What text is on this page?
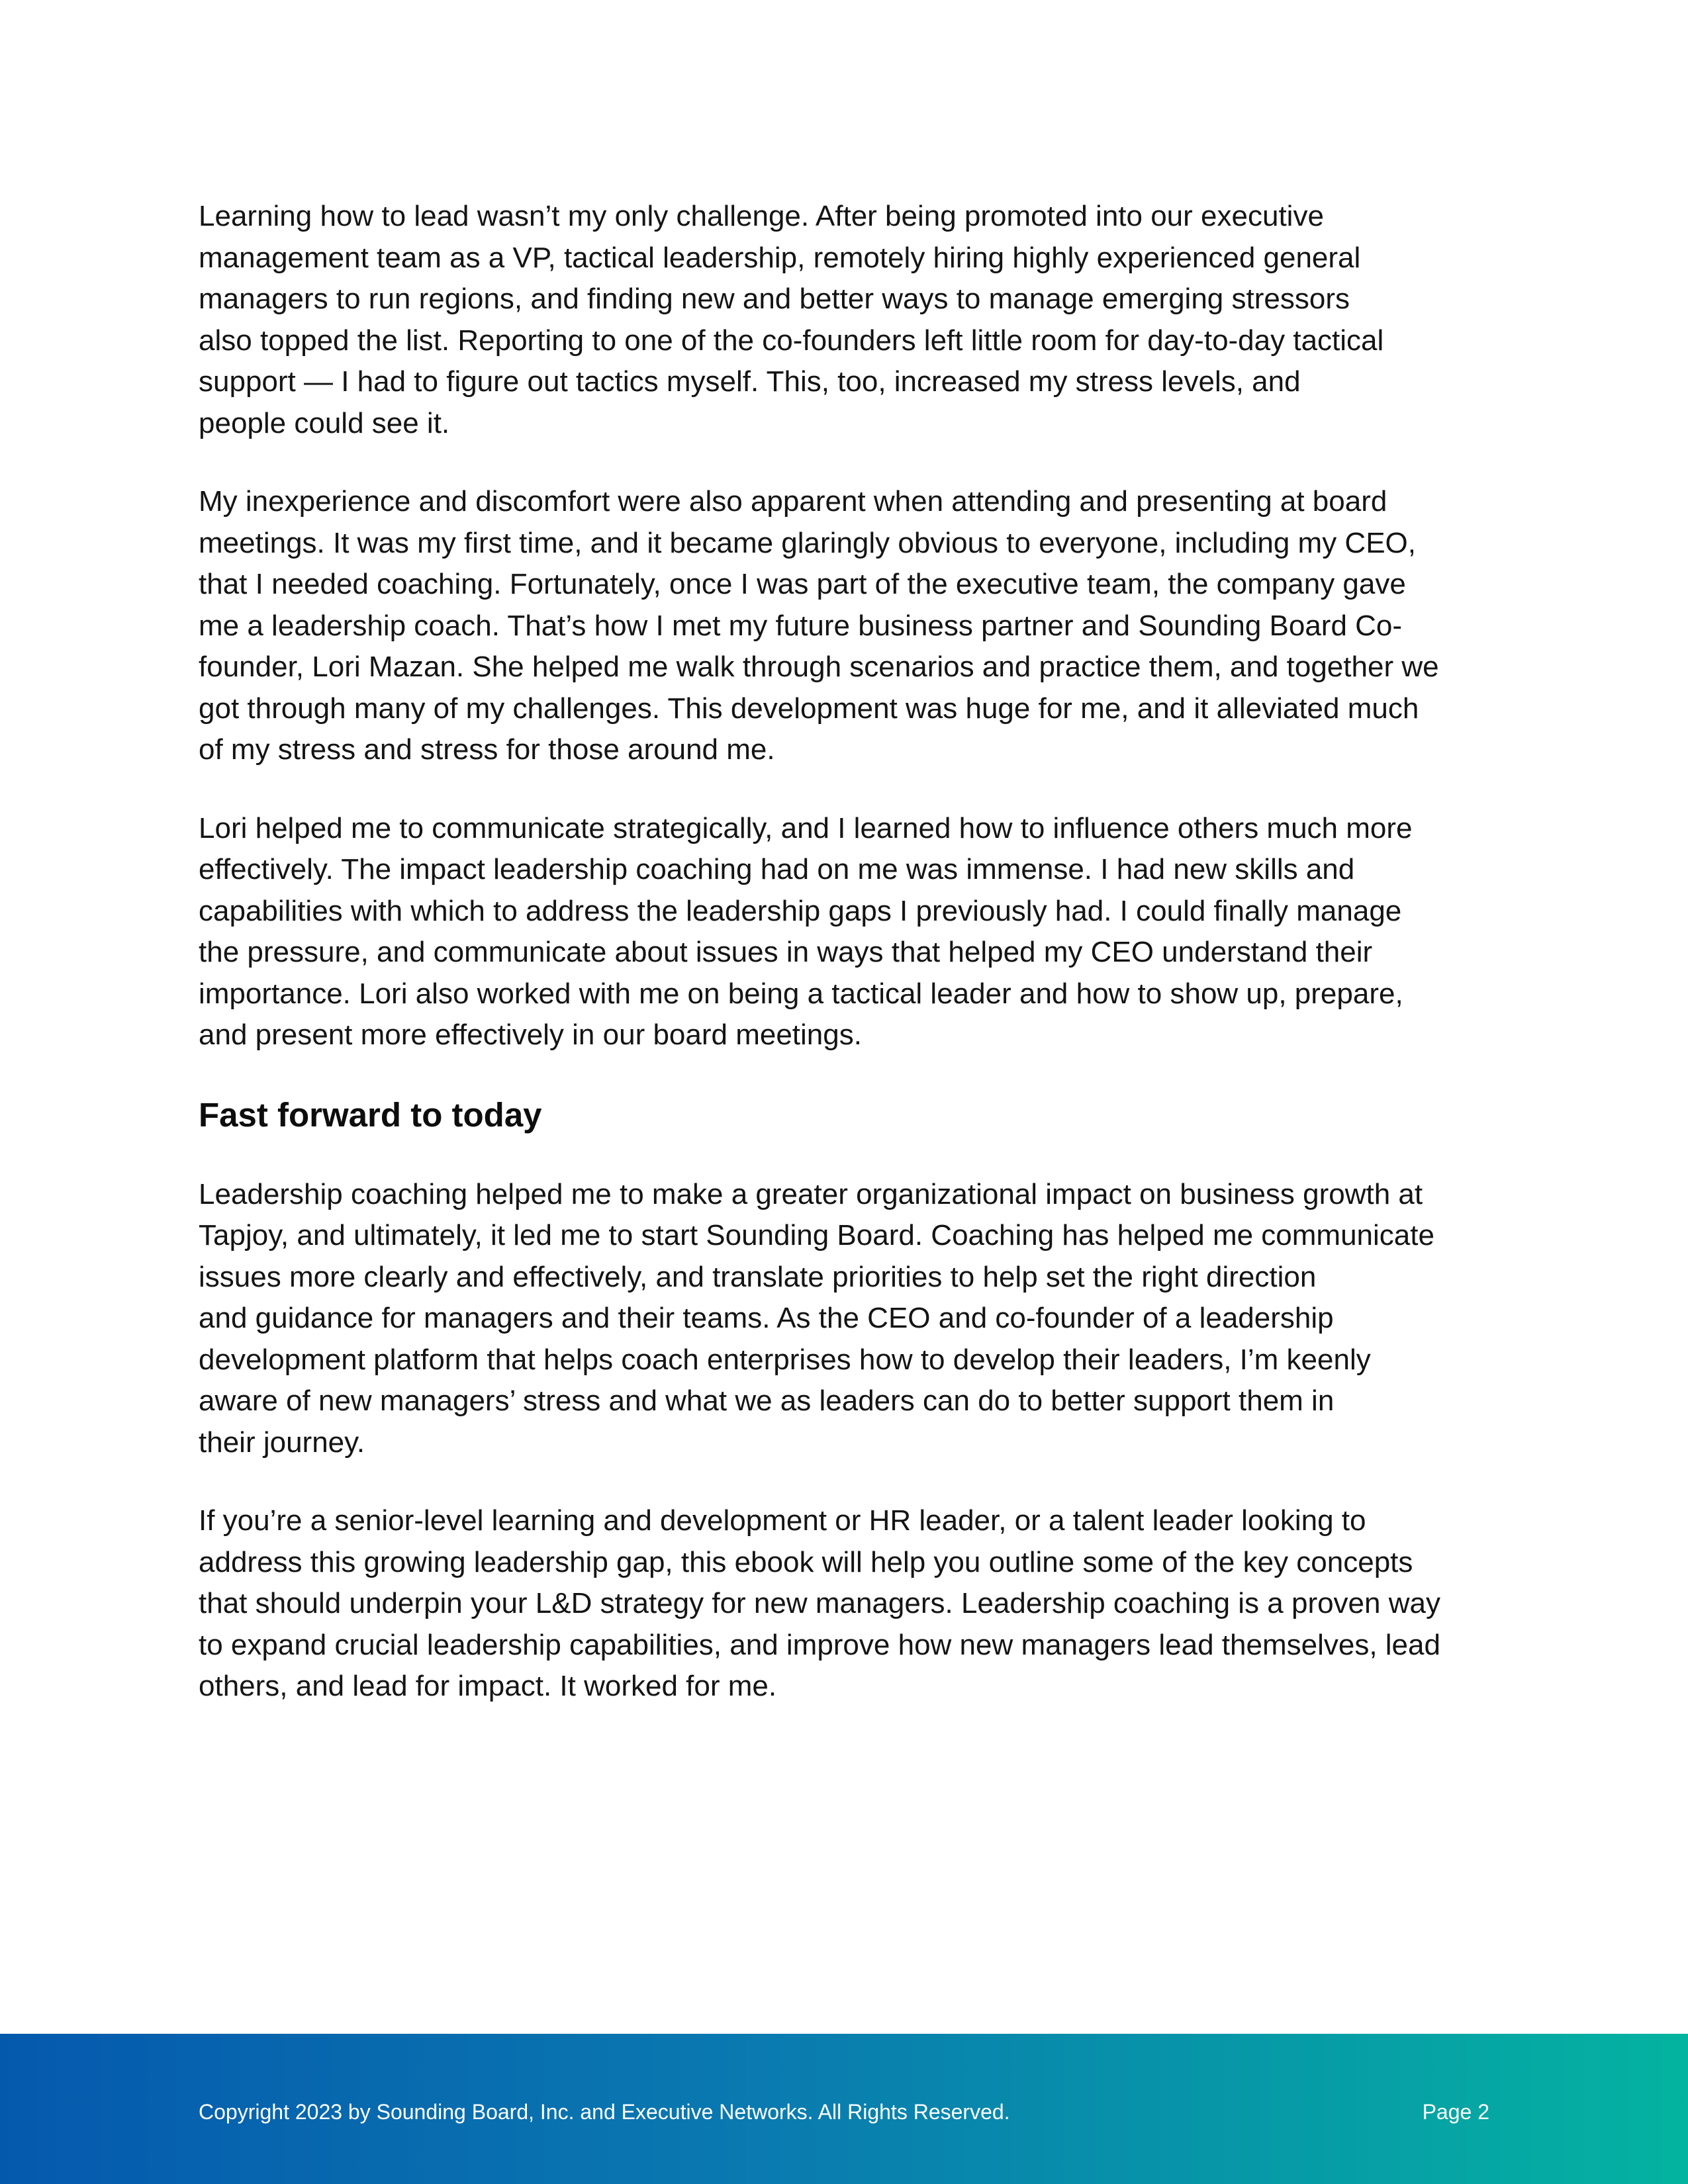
Learning how to lead wasn’t my only challenge. After being promoted into our executive
management team as a VP, tactical leadership, remotely hiring highly experienced general
managers to run regions, and finding new and better ways to manage emerging stressors
also topped the list. Reporting to one of the co-founders left little room for day-to-day tactical
support — I had to figure out tactics myself. This, too, increased my stress levels, and
people could see it.

My inexperience and discomfort were also apparent when attending and presenting at board
meetings. It was my first time, and it became glaringly obvious to everyone, including my CEO,
that I needed coaching. Fortunately, once I was part of the executive team, the company gave
me a leadership coach. That’s how I met my future business partner and Sounding Board Co-
founder, Lori Mazan. She helped me walk through scenarios and practice them, and together we
got through many of my challenges. This development was huge for me, and it alleviated much
of my stress and stress for those around me.

Lori helped me to communicate strategically, and I learned how to influence others much more
effectively. The impact leadership coaching had on me was immense. I had new skills and
capabilities with which to address the leadership gaps I previously had. I could finally manage
the pressure, and communicate about issues in ways that helped my CEO understand their
importance. Lori also worked with me on being a tactical leader and how to show up, prepare,
and present more effectively in our board meetings.

Fast forward to today

Leadership coaching helped me to make a greater organizational impact on business growth at
Tapjoy, and ultimately, it led me to start Sounding Board. Coaching has helped me communicate
issues more clearly and effectively, and translate priorities to help set the right direction
and guidance for managers and their teams. As the CEO and co-founder of a leadership
development platform that helps coach enterprises how to develop their leaders, I’m keenly
aware of new managers’ stress and what we as leaders can do to better support them in
their journey.

If you’re a senior-level learning and development or HR leader, or a talent leader looking to
address this growing leadership gap, this ebook will help you outline some of the key concepts
that should underpin your L&D strategy for new managers. Leadership coaching is a proven way
to expand crucial leadership capabilities, and improve how new managers lead themselves, lead
others, and lead for impact. It worked for me.

Copyright 2023 by Sounding Board, Inc. and Executive Networks. All Rights Reserved.	Page 2
